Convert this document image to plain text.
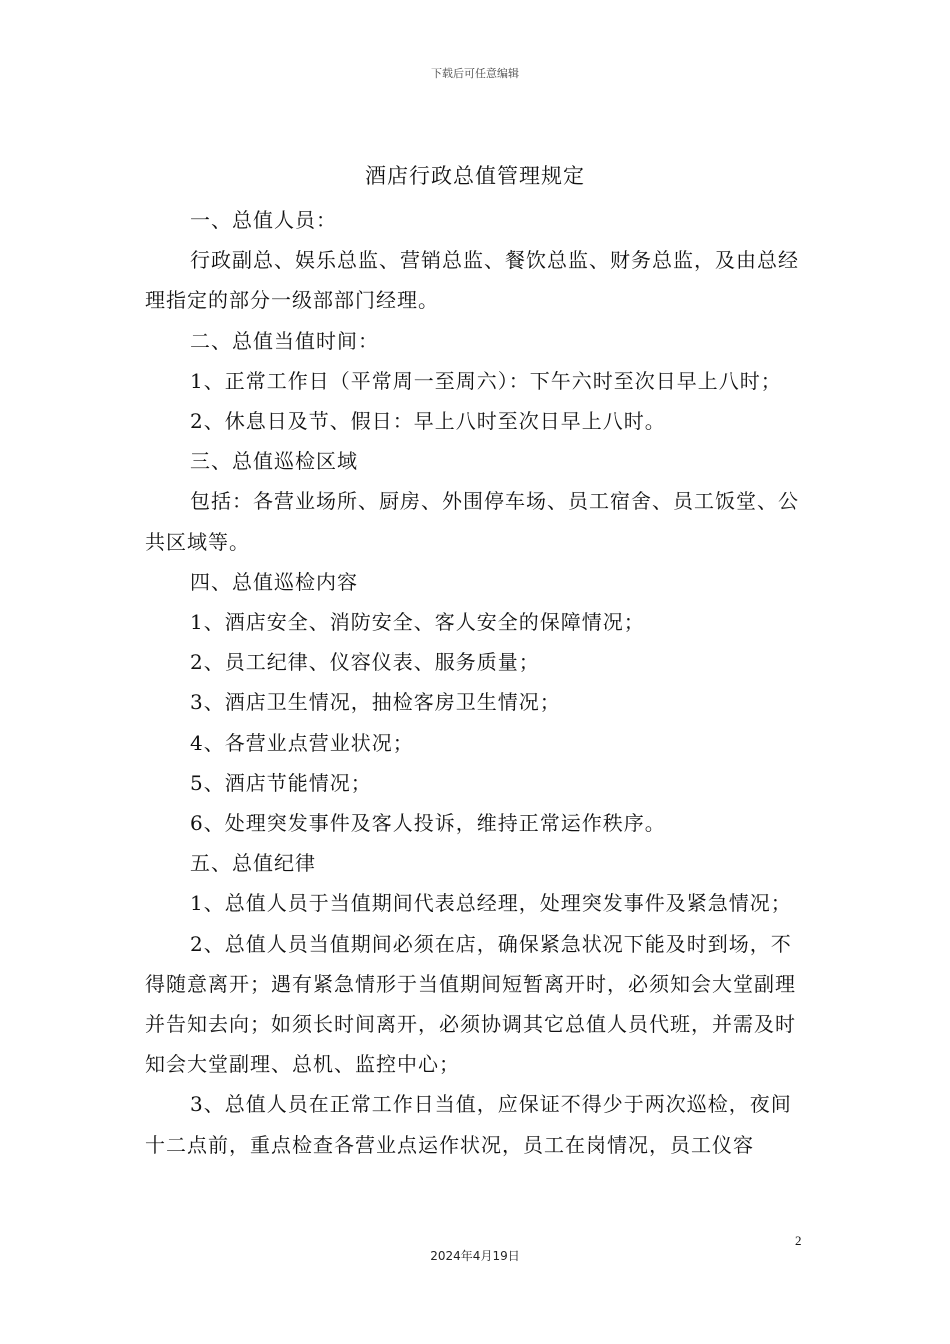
下载后可任意编辑
酒店行政总值管理规定

一、总值人员：

行政副总、娱乐总监、营销总监、餐饮总监、财务总监，及由总经理指定的部分一级部部门经理。

二、总值当值时间：

1、正常工作日（平常周一至周六）：下午六时至次日早上八时；

2、休息日及节、假日：早上八时至次日早上八时。

三、总值巡检区域

包括：各营业场所、厨房、外围停车场、员工宿舍、员工饭堂、公共区域等。

四、总值巡检内容

1、酒店安全、消防安全、客人安全的保障情况；

2、员工纪律、仪容仪表、服务质量；

3、酒店卫生情况，抽检客房卫生情况；

4、各营业点营业状况；

5、酒店节能情况；

6、处理突发事件及客人投诉，维持正常运作秩序。

五、总值纪律

1、总值人员于当值期间代表总经理，处理突发事件及紧急情况；

2、总值人员当值期间必须在店，确保紧急状况下能及时到场，不得随意离开；遇有紧急情形于当值期间短暂离开时，必须知会大堂副理并告知去向；如须长时间离开，必须协调其它总值人员代班，并需及时知会大堂副理、总机、监控中心；

3、总值人员在正常工作日当值，应保证不得少于两次巡检，夜间十二点前，重点检查各营业点运作状况，员工在岗情况，员工仪容

2
2024年4月19日
